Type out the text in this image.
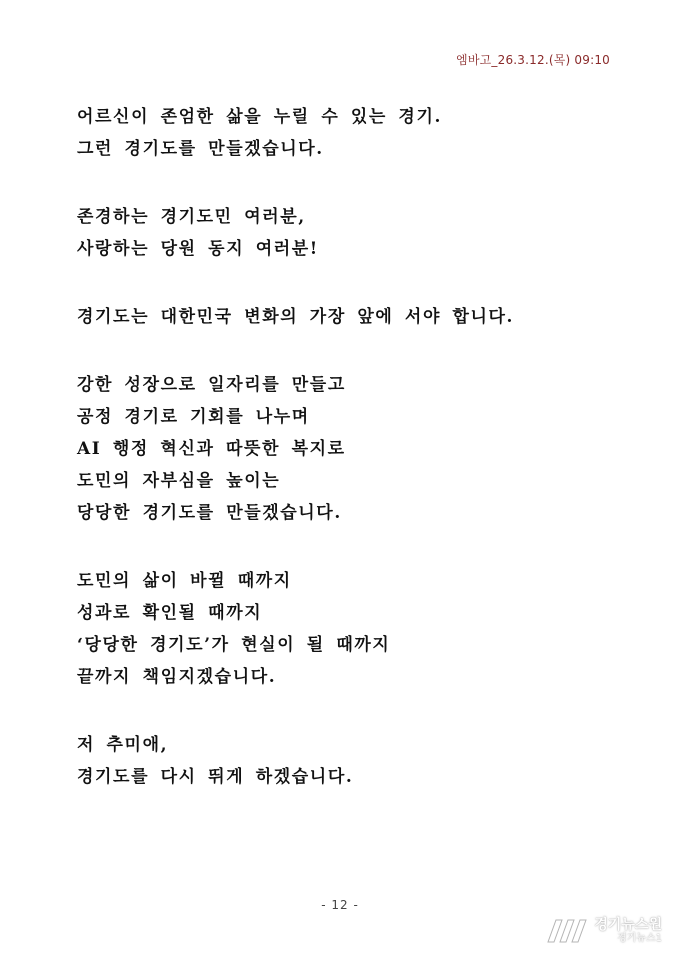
엠바고_26.3.12.(목) 09:10
어르신이 존엄한 삶을 누릴 수 있는 경기.
그런 경기도를 만들겠습니다.
존경하는 경기도민 여러분,
사랑하는 당원 동지 여러분!
경기도는 대한민국 변화의 가장 앞에 서야 합니다.
강한 성장으로 일자리를 만들고
공정 경기로 기회를 나누며
AI 행정 혁신과 따뜻한 복지로
도민의 자부심을 높이는
당당한 경기도를 만들겠습니다.
도민의 삶이 바뀔 때까지
성과로 확인될 때까지
‘당당한 경기도’가 현실이 될 때까지
끝까지 책임지겠습니다.
저 추미애,
경기도를 다시 뛰게 하겠습니다.
- 12 -
경기뉴스원
경기뉴스1
